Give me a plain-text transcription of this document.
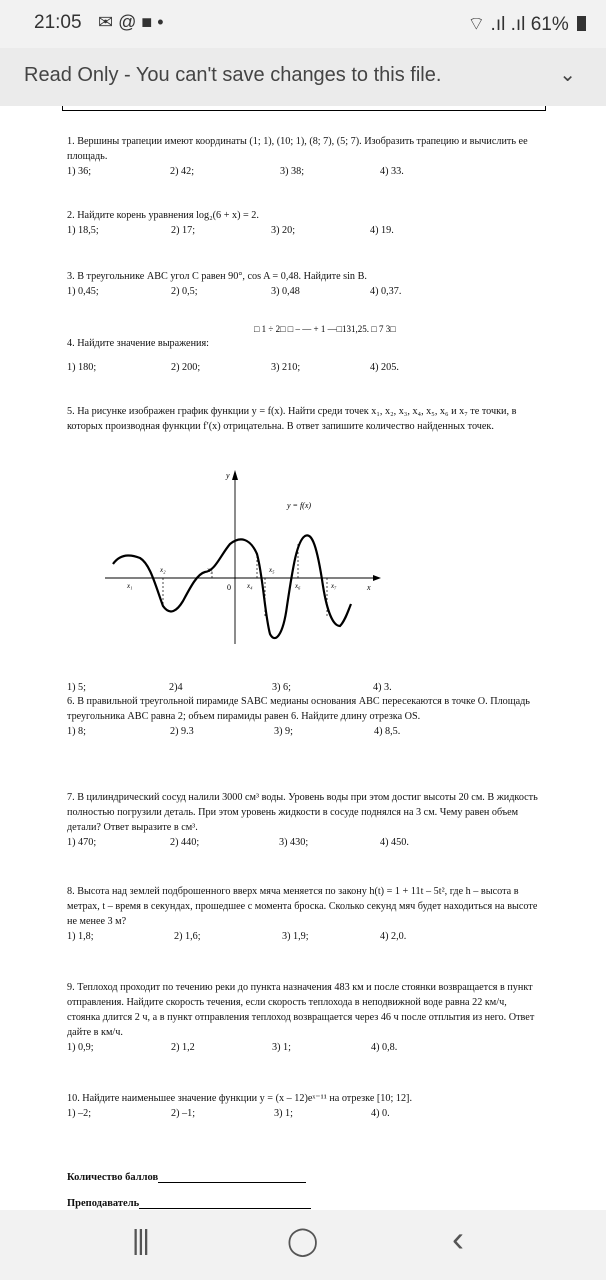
21:05 ✉ @ ■ •	⌔ .ıl .ıl 61%
Read Only - You can't save changes to this file.	⌄
1. Вершины трапеции имеют координаты (1; 1), (10; 1), (8; 7), (5; 7). Изобразить трапецию и вычислить ее площадь.
1) 36;	2) 42;	3) 38;	4) 33.
2. Найдите корень уравнения log₂(6 + x) = 2.
1) 18,5;	2) 17;	3) 20;	4) 19.
3. В треугольнике ABC угол C равен 90°, cos A = 0,48. Найдите sin B.
1) 0,45;	2) 0,5;	3) 0,48	4) 0,37.
4. Найдите значение выражения:
1) 180;	2) 200;	3) 210;	4) 205.
□ 1 ÷ 2□ □ – — + 1 —□131,25. □ 7 3□
5. На рисунке изображен график функции y = f(x). Найти среди точек x₁, x₂, x₃, x₄, x₅, x₆ и x₇ те точки, в которых производная функции f′(x) отрицательна. В ответ запишите количество найденных точек.
y
x
y = f(x)
0
x₁
x₂	x₃
x₄
x₅
x₆	x₇
1) 5;	2)4	3) 6;	4) 3.
6. В правильной треугольной пирамиде SABC медианы основания ABC пересекаются в точке O. Площадь треугольника ABC равна 2; объем пирамиды равен 6. Найдите длину отрезка OS.
1) 8;	2) 9.3	3) 9;	4) 8,5.
7. В цилиндрический сосуд налили 3000 см³ воды. Уровень воды при этом достиг высоты 20 см. В жидкость полностью погрузили деталь. При этом уровень жидкости в сосуде поднялся на 3 см. Чему равен объем детали? Ответ выразите в см³.
1) 470;	2) 440;	3) 430;	4) 450.
8. Высота над землей подброшенного вверх мяча меняется по закону h(t) = 1 + 11t – 5t², где h – высота в метрах, t – время в секундах, прошедшее с момента броска. Сколько секунд мяч будет находиться на высоте не менее 3 м?
1) 1,8;	2) 1,6;	3) 1,9;	4) 2,0.
9. Теплоход проходит по течению реки до пункта назначения 483 км и после стоянки возвращается в пункт отправления. Найдите скорость течения, если скорость теплохода в неподвижной воде равна 22 км/ч, стоянка длится 2 ч, а в пункт отправления теплоход возвращается через 46 ч после отплытия из него. Ответ дайте в км/ч.
1) 0,9;	2) 1,2	3) 1;	4) 0,8.
10. Найдите наименьшее значение функции y = (x – 12)eˣ⁻¹¹ на отрезке [10; 12].
1) –2;	2) –1;	3) 1;	4) 0.
Количество баллов
Преподаватель
|||	◯	‹
